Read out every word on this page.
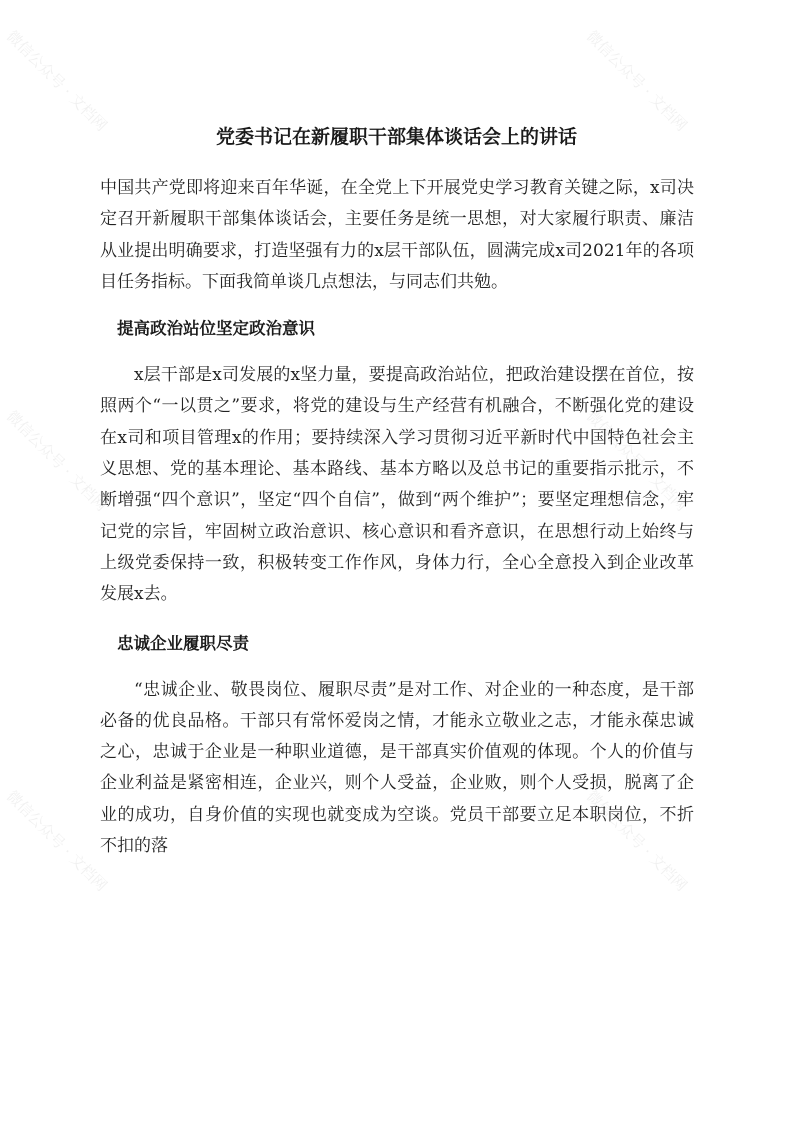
党委书记在新履职干部集体谈话会上的讲话

中国共产党即将迎来百年华诞，在全党上下开展党史学习教育关键之际，x司决定召开新履职干部集体谈话会，主要任务是统一思想，对大家履行职责、廉洁从业提出明确要求，打造坚强有力的x层干部队伍，圆满完成x司2021年的各项目任务指标。下面我简单谈几点想法，与同志们共勉。

提高政治站位坚定政治意识

x层干部是x司发展的x坚力量，要提高政治站位，把政治建设摆在首位，按照两个“一以贯之”要求，将党的建设与生产经营有机融合，不断强化党的建设在x司和项目管理x的作用；要持续深入学习贯彻习近平新时代中国特色社会主义思想、党的基本理论、基本路线、基本方略以及总书记的重要指示批示，不断增强“四个意识”，坚定“四个自信”，做到“两个维护”；要坚定理想信念，牢记党的宗旨，牢固树立政治意识、核心意识和看齐意识，在思想行动上始终与上级党委保持一致，积极转变工作作风，身体力行，全心全意投入到企业改革发展x去。

忠诚企业履职尽责

“忠诚企业、敬畏岗位、履职尽责”是对工作、对企业的一种态度，是干部必备的优良品格。干部只有常怀爱岗之情，才能永立敬业之志，才能永葆忠诚之心，忠诚于企业是一种职业道德，是干部真实价值观的体现。个人的价值与企业利益是紧密相连，企业兴，则个人受益，企业败，则个人受损，脱离了企业的成功，自身价值的实现也就变成为空谈。党员干部要立足本职岗位，不折不扣的落

微信公众号 · 文档网	微信公众号 · 文档网
微信公众号 · 文档网	微信公众号 · 文档网
微信公众号 · 文档网	微信公众号 · 文档网
